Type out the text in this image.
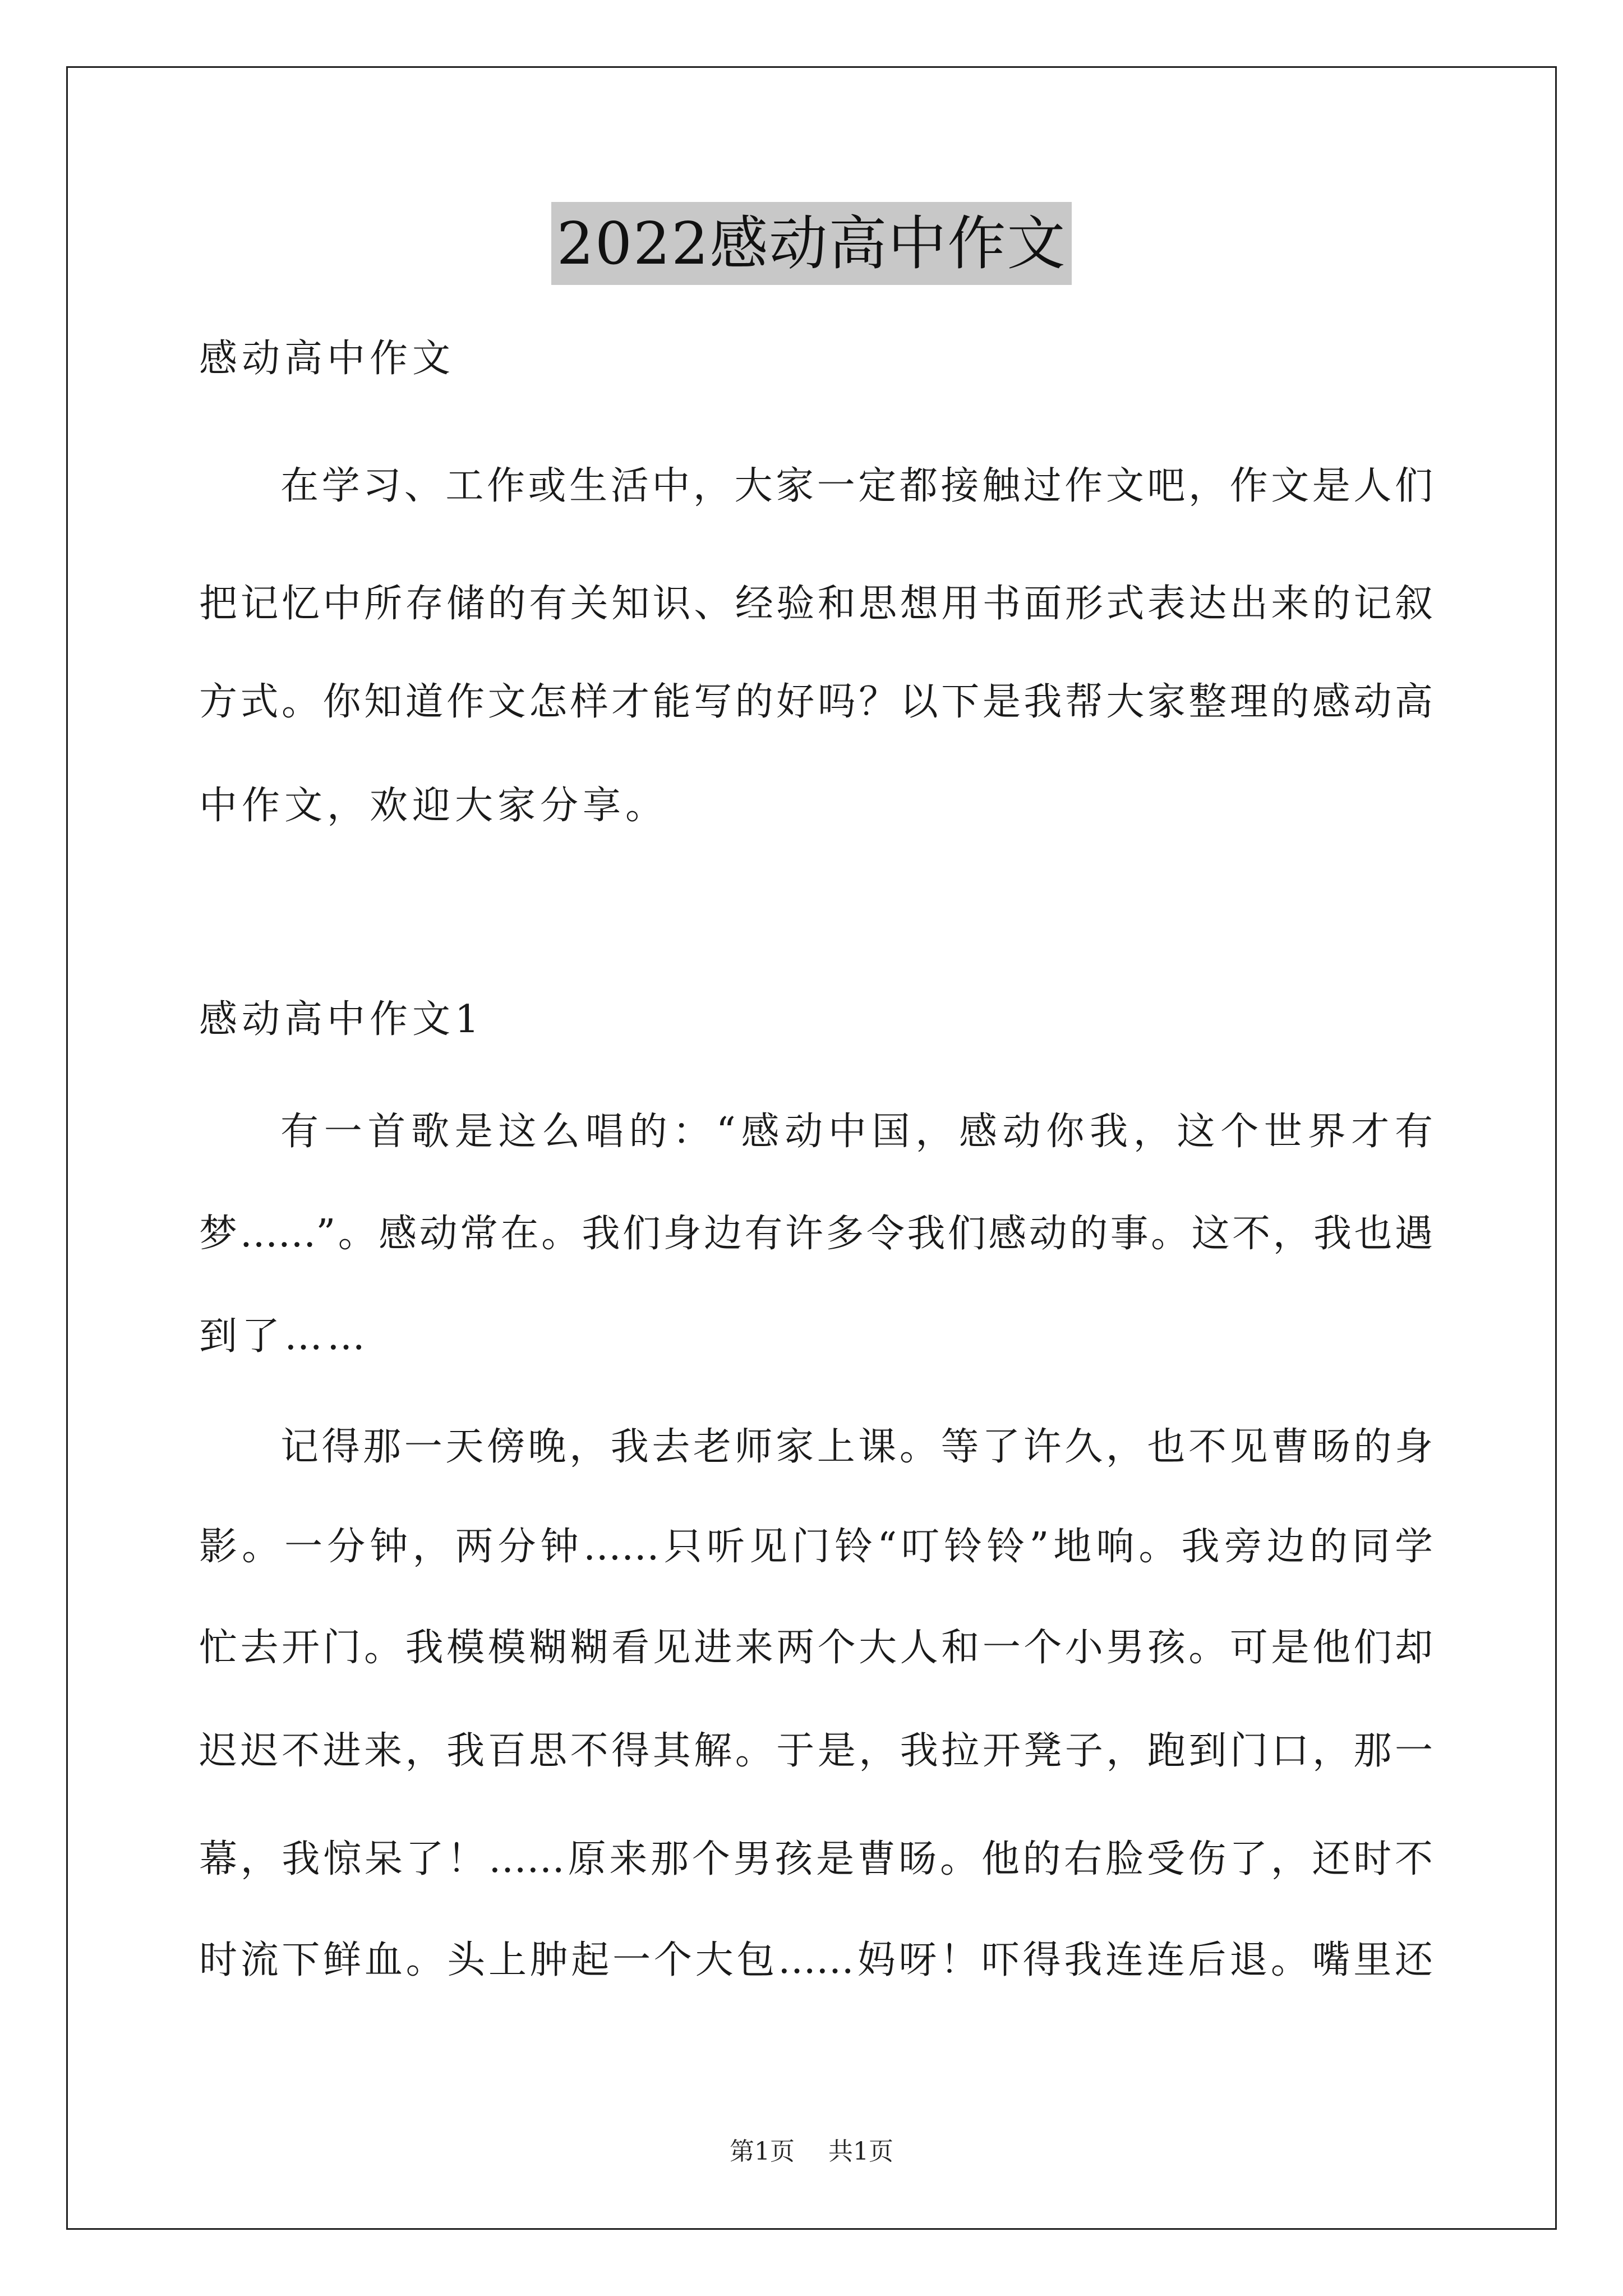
2022感动高中作文
感动高中作文
在学习、工作或生活中，大家一定都接触过作文吧，作文是人们
把记忆中所存储的有关知识、经验和思想用书面形式表达出来的记叙
方式。你知道作文怎样才能写的好吗？以下是我帮大家整理的感动高
中作文，欢迎大家分享。
感动高中作文1
有一首歌是这么唱的：“感动中国，感动你我，这个世界才有
梦……”。感动常在。我们身边有许多令我们感动的事。这不，我也遇
到了……
记得那一天傍晚，我去老师家上课。等了许久，也不见曹旸的身
影。一分钟，两分钟……只听见门铃“叮铃铃”地响。我旁边的同学
忙去开门。我模模糊糊看见进来两个大人和一个小男孩。可是他们却
迟迟不进来，我百思不得其解。于是，我拉开凳子，跑到门口，那一
幕，我惊呆了！……原来那个男孩是曹旸。他的右脸受伤了，还时不
时流下鲜血。头上肿起一个大包……妈呀！吓得我连连后退。嘴里还
第1页 共1页
